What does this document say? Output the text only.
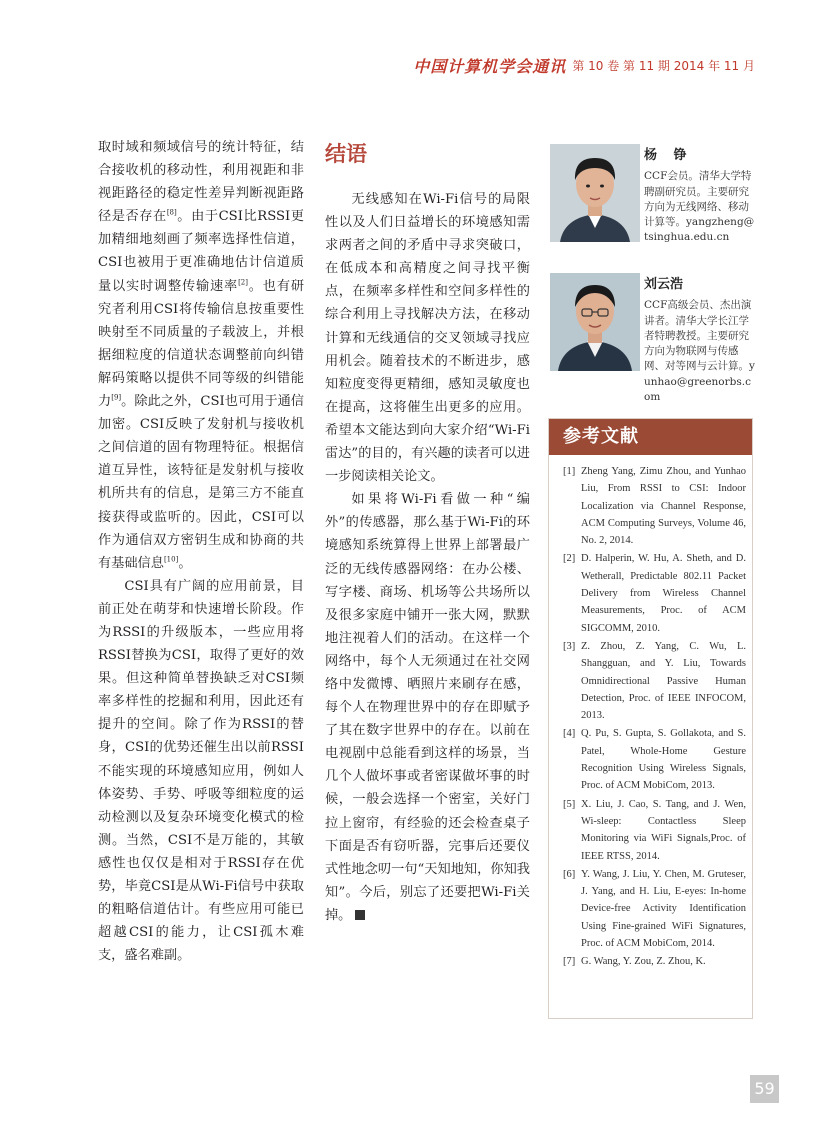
中国计算机学会通讯 第 10 卷 第 11 期 2014 年 11 月

取时域和频域信号的统计特征，结合接收机的移动性，利用视距和非视距路径的稳定性差异判断视距路径是否存在[8]。由于CSI比RSSI更加精细地刻画了频率选择性信道，CSI也被用于更准确地估计信道质量以实时调整传输速率[2]。也有研究者利用CSI将传输信息按重要性映射至不同质量的子载波上，并根据细粒度的信道状态调整前向纠错解码策略以提供不同等级的纠错能力[9]。除此之外，CSI也可用于通信加密。CSI反映了发射机与接收机之间信道的固有物理特征。根据信道互异性，该特征是发射机与接收机所共有的信息，是第三方不能直接获得或监听的。因此，CSI可以作为通信双方密钥生成和协商的共有基础信息[10]。

CSI具有广阔的应用前景，目前正处在萌芽和快速增长阶段。作为RSSI的升级版本，一些应用将RSSI替换为CSI，取得了更好的效果。但这种简单替换缺乏对CSI频率多样性的挖掘和利用，因此还有提升的空间。除了作为RSSI的替身，CSI的优势还催生出以前RSSI不能实现的环境感知应用，例如人体姿势、手势、呼吸等细粒度的运动检测以及复杂环境变化模式的检测。当然，CSI不是万能的，其敏感性也仅仅是相对于RSSI存在优势，毕竟CSI是从Wi-Fi信号中获取的粗略信道估计。有些应用可能已超越CSI的能力，让CSI孤木难支，盛名难副。

结语

无线感知在Wi-Fi信号的局限性以及人们日益增长的环境感知需求两者之间的矛盾中寻求突破口，在低成本和高精度之间寻找平衡点，在频率多样性和空间多样性的综合利用上寻找解决方法，在移动计算和无线通信的交叉领域寻找应用机会。随着技术的不断进步，感知粒度变得更精细，感知灵敏度也在提高，这将催生出更多的应用。希望本文能达到向大家介绍“Wi-Fi雷达”的目的，有兴趣的读者可以进一步阅读相关论文。

如果将Wi-Fi看做一种“编外”的传感器，那么基于Wi-Fi的环境感知系统算得上世界上部署最广泛的无线传感器网络：在办公楼、写字楼、商场、机场等公共场所以及很多家庭中铺开一张大网，默默地注视着人们的活动。在这样一个网络中，每个人无须通过在社交网络中发微博、晒照片来刷存在感，每个人在物理世界中的存在即赋予了其在数字世界中的存在。以前在电视剧中总能看到这样的场景，当几个人做坏事或者密谋做坏事的时候，一般会选择一个密室，关好门拉上窗帘，有经验的还会检查桌子下面是否有窃听器，完事后还要仪式性地念叨一句“天知地知，你知我知”。今后，别忘了还要把Wi-Fi关掉。

杨 铮
CCF会员。清华大学特聘副研究员。主要研究方向为无线网络、移动计算等。yangzheng@tsinghua.edu.cn
刘云浩
CCF高级会员、杰出演讲者。清华大学长江学者特聘教授。主要研究方向为物联网与传感网、对等网与云计算。yunhao@greenorbs.com
参考文献
[1] Zheng Yang, Zimu Zhou, and Yunhao Liu, From RSSI to CSI: Indoor Localization via Channel Response, ACM Computing Surveys, Volume 46, No. 2, 2014.
[2] D. Halperin, W. Hu, A. Sheth, and D. Wetherall, Predictable 802.11 Packet Delivery from Wireless Channel Measurements, Proc. of ACM SIGCOMM, 2010.
[3] Z. Zhou, Z. Yang, C. Wu, L. Shangguan, and Y. Liu, Towards Omnidirectional Passive Human Detection, Proc. of IEEE INFOCOM, 2013.
[4] Q. Pu, S. Gupta, S. Gollakota, and S. Patel, Whole-Home Gesture Recognition Using Wireless Signals, Proc. of ACM MobiCom, 2013.
[5] X. Liu, J. Cao, S. Tang, and J. Wen, Wi-sleep: Contactless Sleep Monitoring via WiFi Signals,Proc. of IEEE RTSS, 2014.
[6] Y. Wang, J. Liu, Y. Chen, M. Gruteser, J. Yang, and H. Liu, E-eyes: In-home Device-free Activity Identification Using Fine-grained WiFi Signatures, Proc. of ACM MobiCom, 2014.
[7] G. Wang, Y. Zou, Z. Zhou, K.
59
